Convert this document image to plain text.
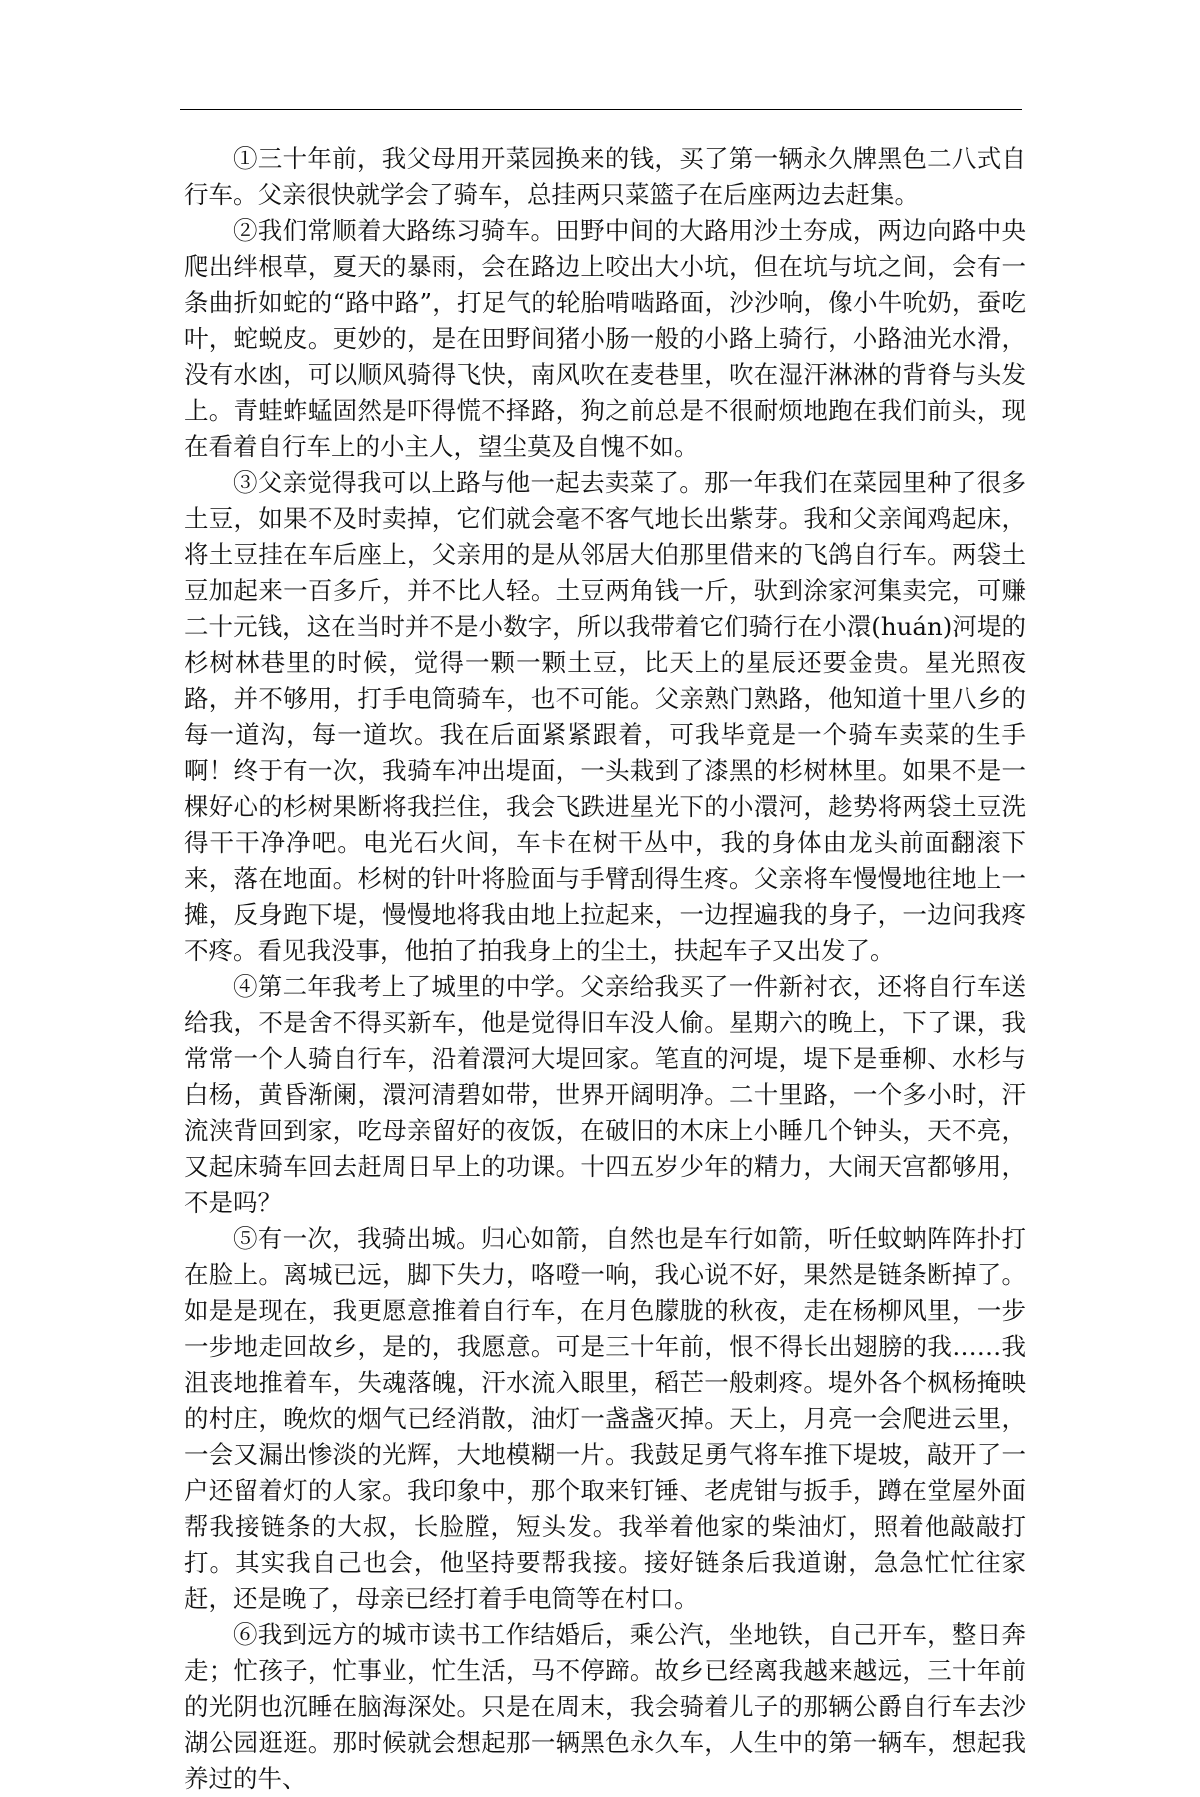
①三十年前，我父母用开菜园换来的钱，买了第一辆永久牌黑色二八式自行车。父亲很快就学会了骑车，总挂两只菜篮子在后座两边去赶集。

②我们常顺着大路练习骑车。田野中间的大路用沙土夯成，两边向路中央爬出绊根草，夏天的暴雨，会在路边上咬出大小坑，但在坑与坑之间，会有一条曲折如蛇的“路中路”，打足气的轮胎啃啮路面，沙沙响，像小牛吮奶，蚕吃叶，蛇蜕皮。更妙的，是在田野间猪小肠一般的小路上骑行，小路油光水滑，没有水凼，可以顺风骑得飞快，南风吹在麦巷里，吹在湿汗淋淋的背脊与头发上。青蛙蚱蜢固然是吓得慌不择路，狗之前总是不很耐烦地跑在我们前头，现在看着自行车上的小主人，望尘莫及自愧不如。

③父亲觉得我可以上路与他一起去卖菜了。那一年我们在菜园里种了很多土豆，如果不及时卖掉，它们就会毫不客气地长出紫芽。我和父亲闻鸡起床，将土豆挂在车后座上，父亲用的是从邻居大伯那里借来的飞鸽自行车。两袋土豆加起来一百多斤，并不比人轻。土豆两角钱一斤，驮到涂家河集卖完，可赚二十元钱，这在当时并不是小数字，所以我带着它们骑行在小澴(huán)河堤的杉树林巷里的时候，觉得一颗一颗土豆，比天上的星辰还要金贵。星光照夜路，并不够用，打手电筒骑车，也不可能。父亲熟门熟路，他知道十里八乡的每一道沟，每一道坎。我在后面紧紧跟着，可我毕竟是一个骑车卖菜的生手啊！终于有一次，我骑车冲出堤面，一头栽到了漆黑的杉树林里。如果不是一棵好心的杉树果断将我拦住，我会飞跌进星光下的小澴河，趁势将两袋土豆洗得干干净净吧。电光石火间，车卡在树干丛中，我的身体由龙头前面翻滚下来，落在地面。杉树的针叶将脸面与手臂刮得生疼。父亲将车慢慢地往地上一摊，反身跑下堤，慢慢地将我由地上拉起来，一边捏遍我的身子，一边问我疼不疼。看见我没事，他拍了拍我身上的尘土，扶起车子又出发了。

④第二年我考上了城里的中学。父亲给我买了一件新衬衣，还将自行车送给我，不是舍不得买新车，他是觉得旧车没人偷。星期六的晚上，下了课，我常常一个人骑自行车，沿着澴河大堤回家。笔直的河堤，堤下是垂柳、水杉与白杨，黄昏渐阑，澴河清碧如带，世界开阔明净。二十里路，一个多小时，汗流浃背回到家，吃母亲留好的夜饭，在破旧的木床上小睡几个钟头，天不亮，又起床骑车回去赶周日早上的功课。十四五岁少年的精力，大闹天宫都够用，不是吗？

⑤有一次，我骑出城。归心如箭，自然也是车行如箭，听任蚊蚋阵阵扑打在脸上。离城已远，脚下失力，咯噔一响，我心说不好，果然是链条断掉了。如是是现在，我更愿意推着自行车，在月色朦胧的秋夜，走在杨柳风里，一步一步地走回故乡，是的，我愿意。可是三十年前，恨不得长出翅膀的我……我沮丧地推着车，失魂落魄，汗水流入眼里，稻芒一般刺疼。堤外各个枫杨掩映的村庄，晚炊的烟气已经消散，油灯一盏盏灭掉。天上，月亮一会爬进云里，一会又漏出惨淡的光辉，大地模糊一片。我鼓足勇气将车推下堤坡，敲开了一户还留着灯的人家。我印象中，那个取来钉锤、老虎钳与扳手，蹲在堂屋外面帮我接链条的大叔，长脸膛，短头发。我举着他家的柴油灯，照着他敲敲打打。其实我自己也会，他坚持要帮我接。接好链条后我道谢，急急忙忙往家赶，还是晚了，母亲已经打着手电筒等在村口。

⑥我到远方的城市读书工作结婚后，乘公汽，坐地铁，自己开车，整日奔走；忙孩子，忙事业，忙生活，马不停蹄。故乡已经离我越来越远，三十年前的光阴也沉睡在脑海深处。只是在周末，我会骑着儿子的那辆公爵自行车去沙湖公园逛逛。那时候就会想起那一辆黑色永久车，人生中的第一辆车，想起我养过的牛、
